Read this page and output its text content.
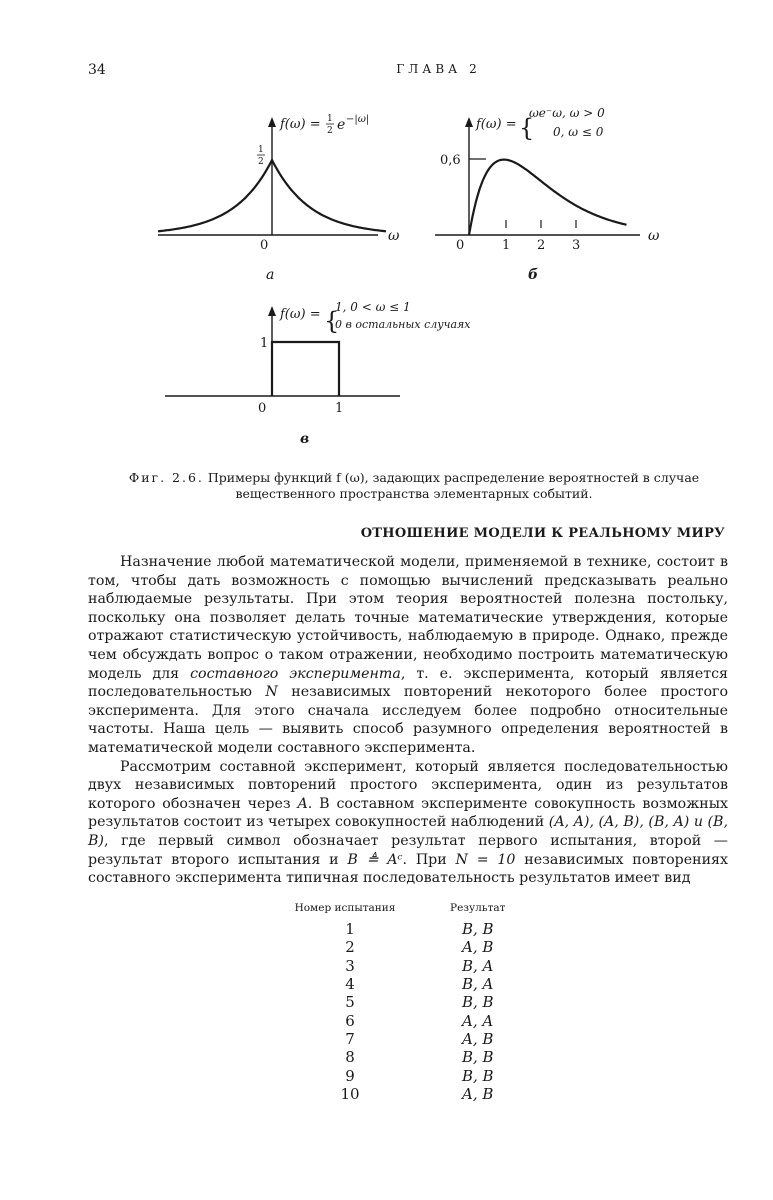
34	ГЛАВА 2
f(ω) = 1
2 e −|ω|
1
2
0
ω
а
f(ω) = {
ωe⁻ω, ω > 0
0, ω ≤ 0
0,6
0	1 2 3
ω
б
f(ω) = {
1, 0 < ω ≤ 1
0 в остальных случаях
1
0	1
в
Фиг. 2.6. Примеры функций f (ω), задающих распределение вероятностей в случае вещественного пространства элементарных событий.
ОТНОШЕНИЕ МОДЕЛИ К РЕАЛЬНОМУ МИРУ

Назначение любой математической модели, применяемой в технике, состоит в том, чтобы дать возможность с помощью вычислений предсказывать реально наблюдаемые результаты. При этом теория вероятностей полезна постольку, поскольку она позволяет делать точные математические утверждения, которые отражают статистическую устойчивость, наблюдаемую в природе. Однако, прежде чем обсуждать вопрос о таком отражении, необходимо построить математическую модель для составного эксперимента, т. е. эксперимента, который является последовательностью N независимых повторений некоторого более простого эксперимента. Для этого сначала исследуем более подробно относительные частоты. Наша цель — выявить способ разумного определения вероятностей в математической модели составного эксперимента.

Рассмотрим составной эксперимент, который является последовательностью двух независимых повторений простого эксперимента, один из результатов которого обозначен через A. В составном эксперименте совокупность возможных результатов состоит из четырех совокупностей наблюдений (A, A), (A, B), (B, A) и (B, B), где первый символ обозначает результат первого испытания, второй — результат второго испытания и B ≜ Aᶜ. При N = 10 независимых повторениях составного эксперимента типичная последовательность результатов имеет вид

Номер испытания	Результат
1	B, B
2	A, B
3	B, A
4	B, A
5	B, B
6	A, A
7	A, B
8	B, B
9	B, B
10	A, B
